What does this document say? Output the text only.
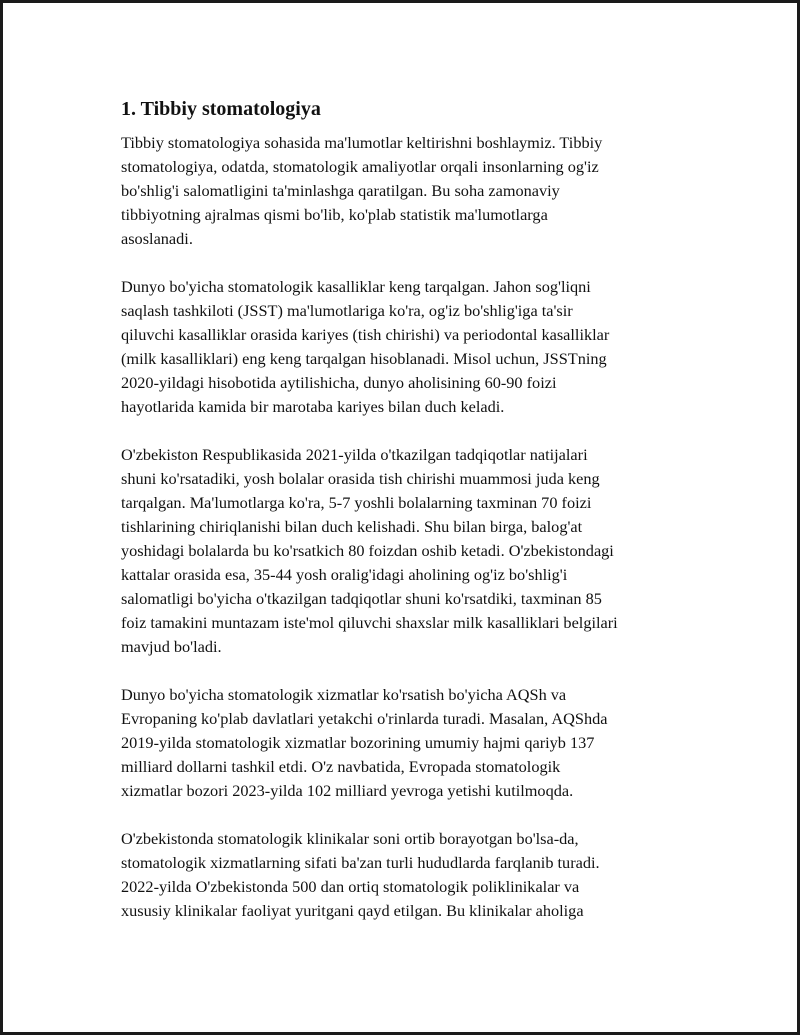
1. Tibbiy stomatologiya
Tibbiy stomatologiya sohasida ma'lumotlar keltirishni boshlaymiz. Tibbiy
stomatologiya, odatda, stomatologik amaliyotlar orqali insonlarning og'iz
bo'shlig'i salomatligini ta'minlashga qaratilgan. Bu soha zamonaviy
tibbiyotning ajralmas qismi bo'lib, ko'plab statistik ma'lumotlarga
asoslanadi.
Dunyo bo'yicha stomatologik kasalliklar keng tarqalgan. Jahon sog'liqni
saqlash tashkiloti (JSST) ma'lumotlariga ko'ra, og'iz bo'shlig'iga ta'sir
qiluvchi kasalliklar orasida kariyes (tish chirishi) va periodontal kasalliklar
(milk kasalliklari) eng keng tarqalgan hisoblanadi. Misol uchun, JSSTning
2020-yildagi hisobotida aytilishicha, dunyo aholisining 60-90 foizi
hayotlarida kamida bir marotaba kariyes bilan duch keladi.
O'zbekiston Respublikasida 2021-yilda o'tkazilgan tadqiqotlar natijalari
shuni ko'rsatadiki, yosh bolalar orasida tish chirishi muammosi juda keng
tarqalgan. Ma'lumotlarga ko'ra, 5-7 yoshli bolalarning taxminan 70 foizi
tishlarining chiriqlanishi bilan duch kelishadi. Shu bilan birga, balog'at
yoshidagi bolalarda bu ko'rsatkich 80 foizdan oshib ketadi. O'zbekistondagi
kattalar orasida esa, 35-44 yosh oralig'idagi aholining og'iz bo'shlig'i
salomatligi bo'yicha o'tkazilgan tadqiqotlar shuni ko'rsatdiki, taxminan 85
foiz tamakini muntazam iste'mol qiluvchi shaxslar milk kasalliklari belgilari
mavjud bo'ladi.
Dunyo bo'yicha stomatologik xizmatlar ko'rsatish bo'yicha AQSh va
Evropaning ko'plab davlatlari yetakchi o'rinlarda turadi. Masalan, AQShda
2019-yilda stomatologik xizmatlar bozorining umumiy hajmi qariyb 137
milliard dollarni tashkil etdi. O'z navbatida, Evropada stomatologik
xizmatlar bozori 2023-yilda 102 milliard yevroga yetishi kutilmoqda.
O'zbekistonda stomatologik klinikalar soni ortib borayotgan bo'lsa-da,
stomatologik xizmatlarning sifati ba'zan turli hududlarda farqlanib turadi.
2022-yilda O'zbekistonda 500 dan ortiq stomatologik poliklinikalar va
xususiy klinikalar faoliyat yuritgani qayd etilgan. Bu klinikalar aholiga
